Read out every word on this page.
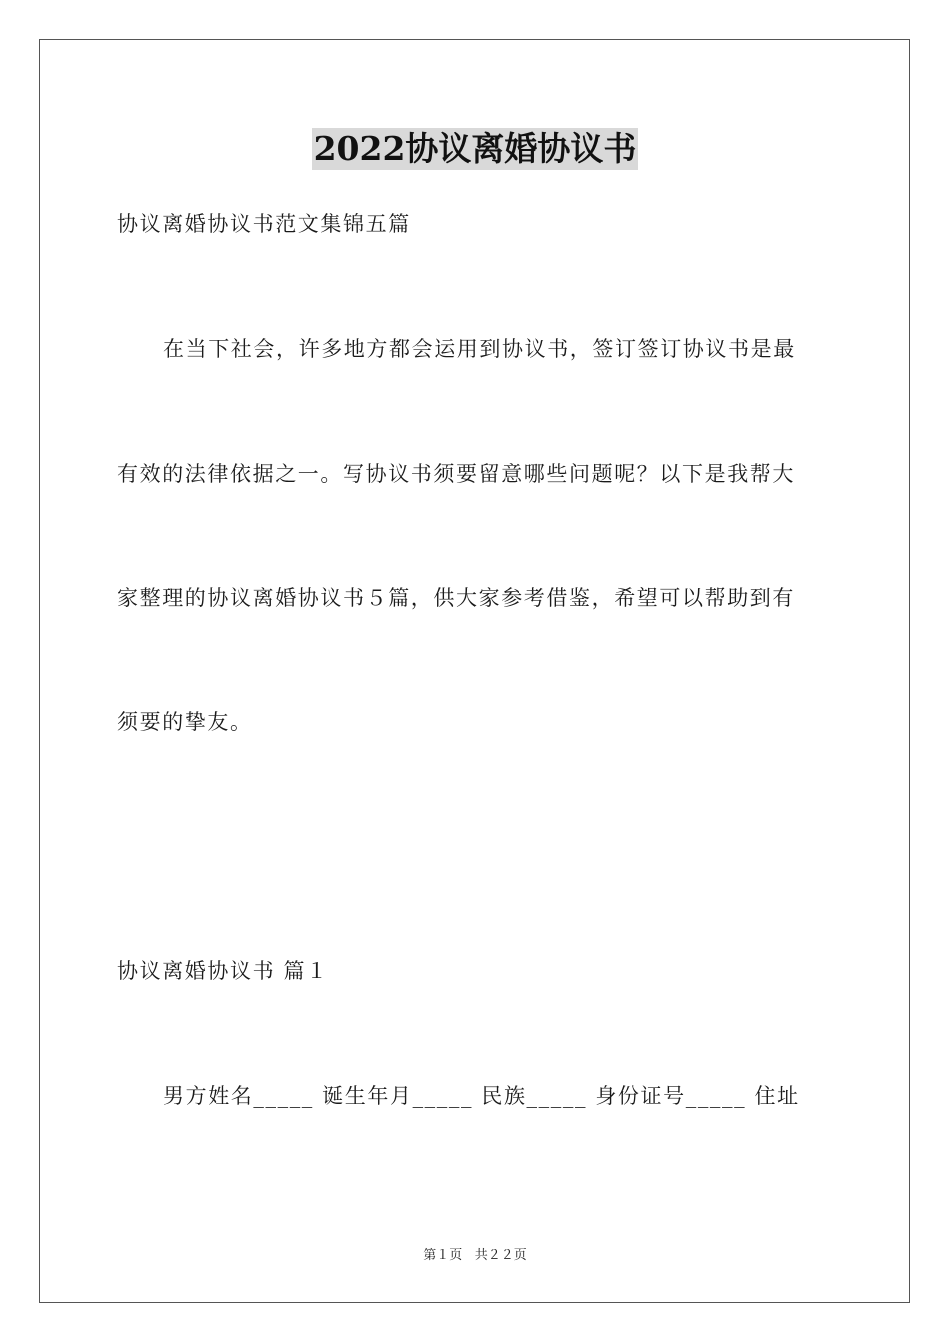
2022协议离婚协议书
协议离婚协议书范文集锦五篇
在当下社会，许多地方都会运用到协议书，签订签订协议书是最
有效的法律依据之一。写协议书须要留意哪些问题呢？以下是我帮大
家整理的协议离婚协议书５篇，供大家参考借鉴，希望可以帮助到有
须要的挚友。
协议离婚协议书 篇１
男方姓名_____ 诞生年月_____ 民族_____ 身份证号_____ 住址
第１页 共２２页
